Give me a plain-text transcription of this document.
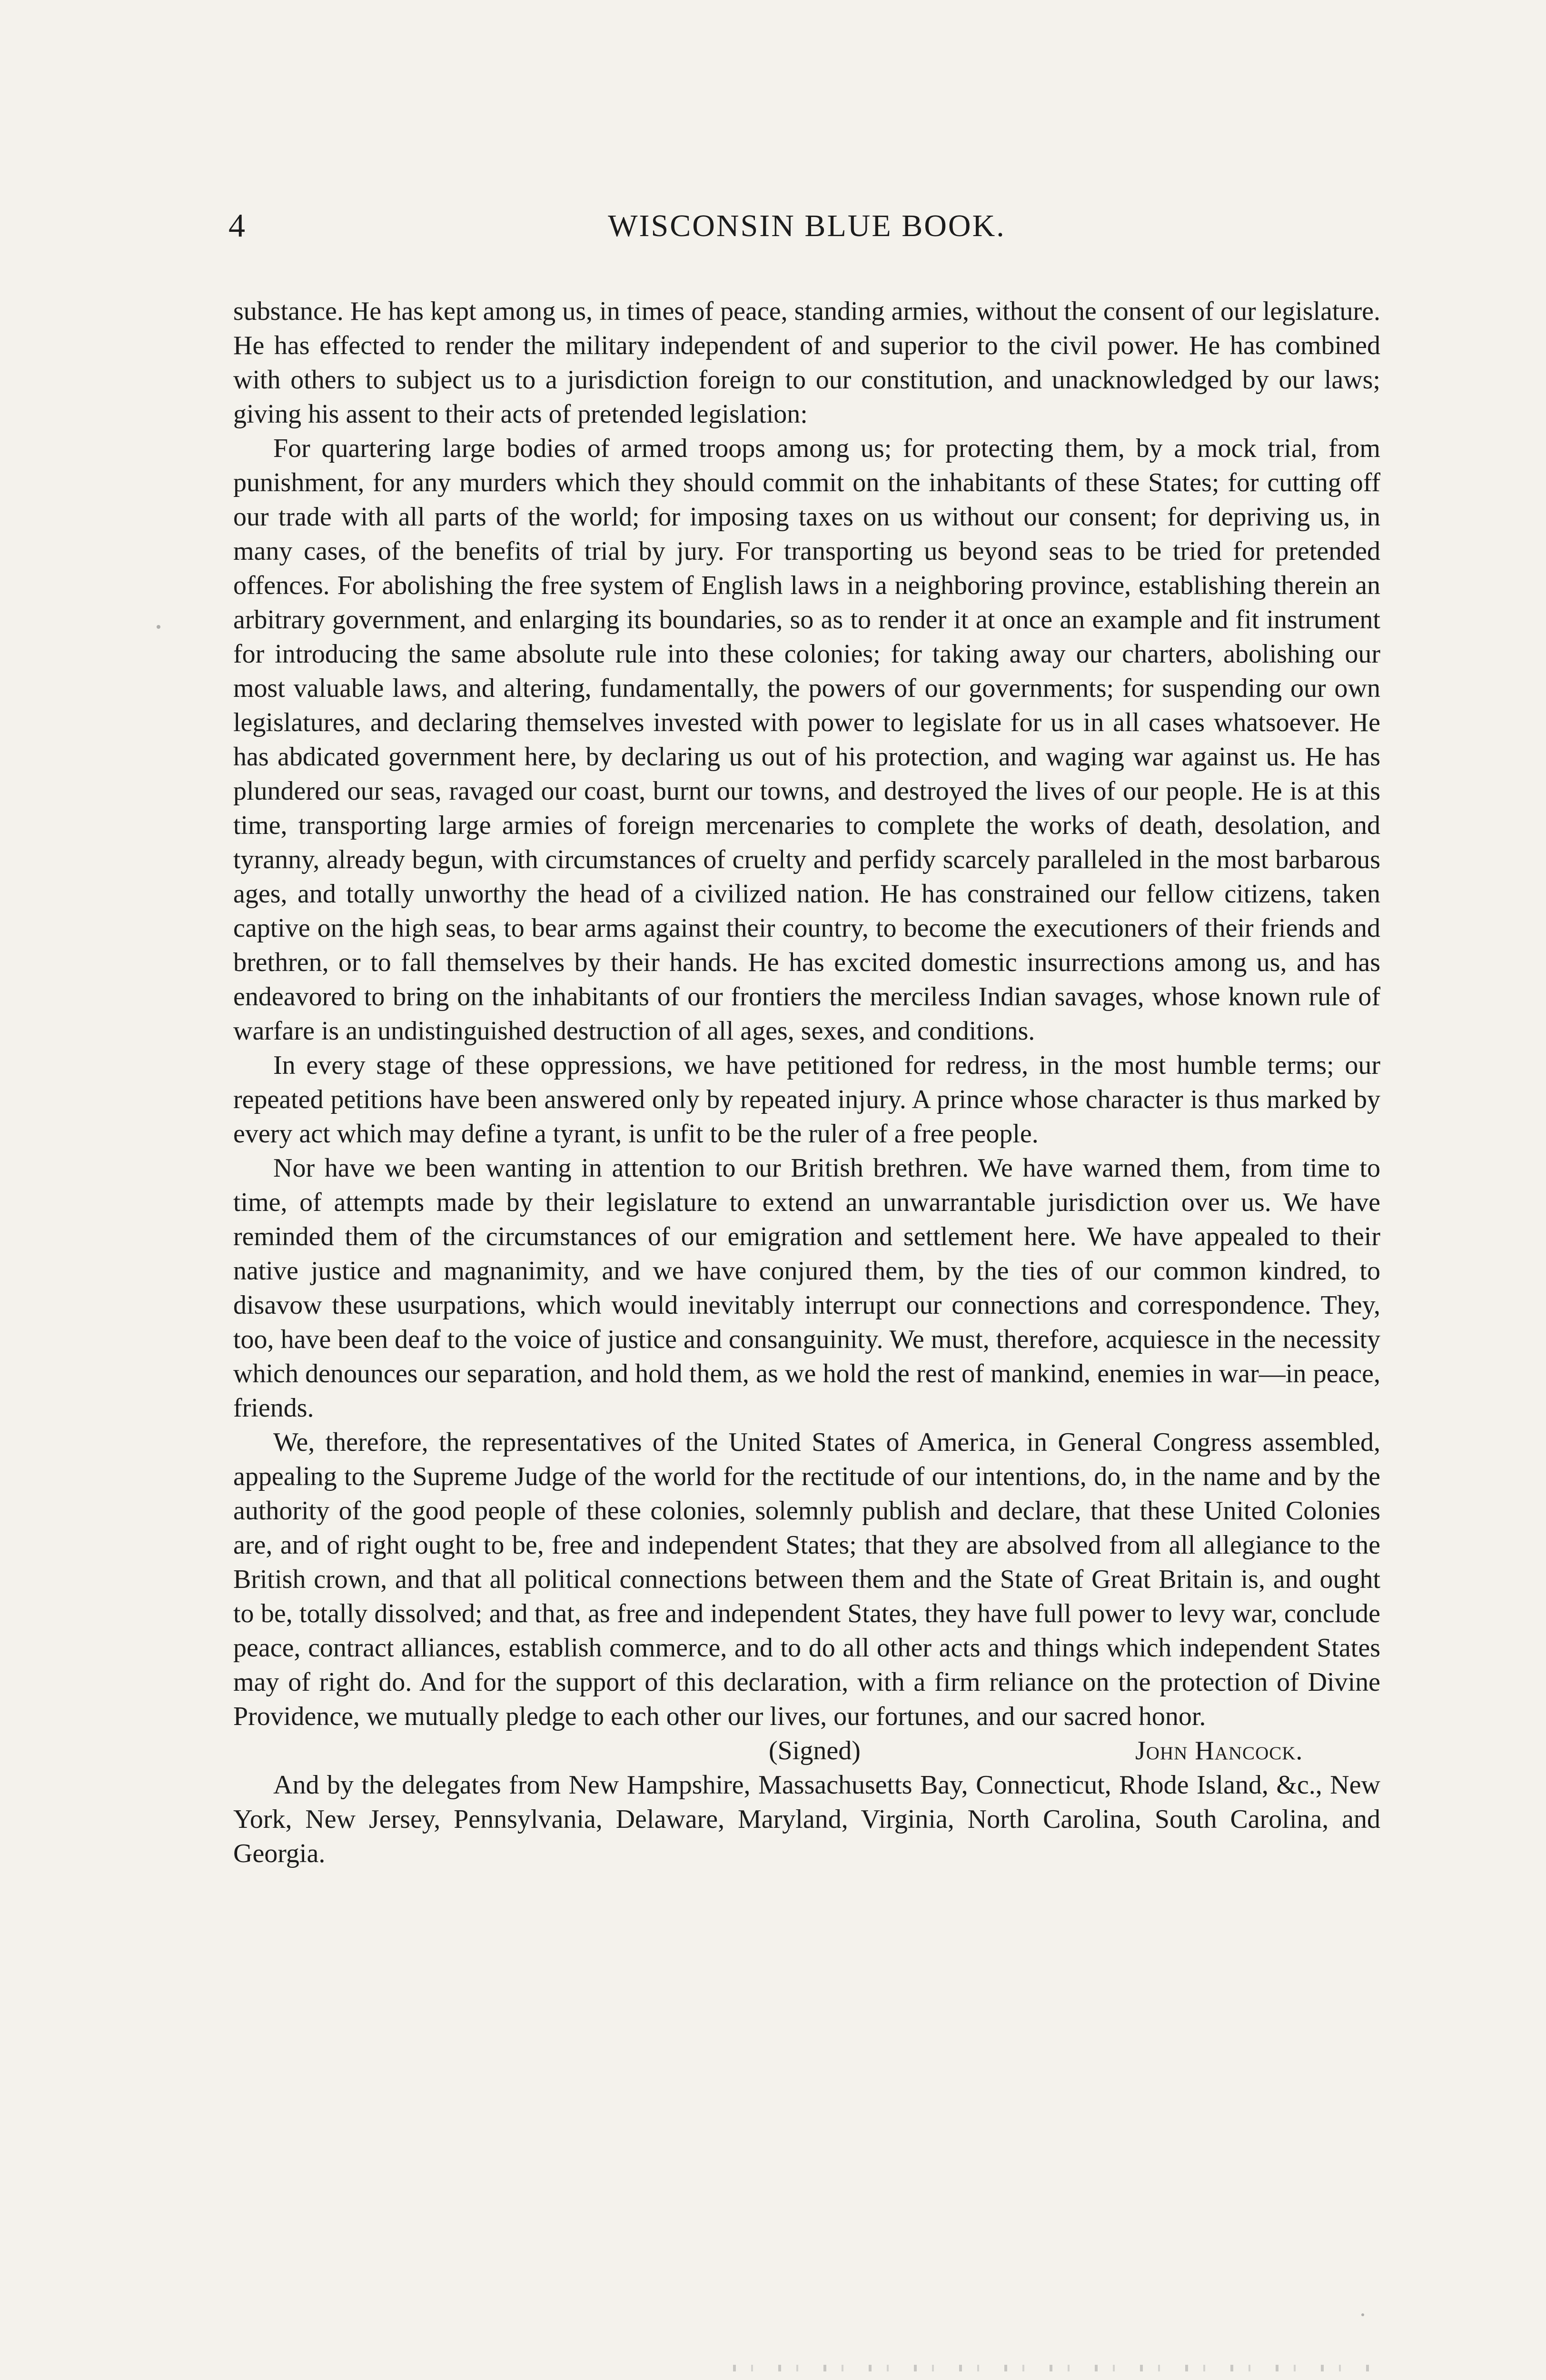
4	WISCONSIN BLUE BOOK.

substance. He has kept among us, in times of peace, standing armies, without the consent of our legislature. He has effected to render the military independent of and superior to the civil power. He has combined with others to subject us to a jurisdiction foreign to our constitution, and unacknowledged by our laws; giving his assent to their acts of pretended legislation:

For quartering large bodies of armed troops among us; for protecting them, by a mock trial, from punishment, for any murders which they should commit on the inhabitants of these States; for cutting off our trade with all parts of the world; for imposing taxes on us without our consent; for depriving us, in many cases, of the benefits of trial by jury. For transporting us beyond seas to be tried for pretended offences. For abolishing the free system of English laws in a neighboring province, establishing therein an arbitrary government, and enlarging its boundaries, so as to render it at once an example and fit instrument for introducing the same absolute rule into these colonies; for taking away our charters, abolishing our most valuable laws, and altering, fundamentally, the powers of our governments; for suspending our own legislatures, and declaring themselves invested with power to legislate for us in all cases whatsoever. He has abdicated government here, by declaring us out of his protection, and waging war against us. He has plundered our seas, ravaged our coast, burnt our towns, and destroyed the lives of our people. He is at this time, transporting large armies of foreign mercenaries to complete the works of death, desolation, and tyranny, already begun, with circumstances of cruelty and perfidy scarcely paralleled in the most barbarous ages, and totally unworthy the head of a civilized nation. He has constrained our fellow citizens, taken captive on the high seas, to bear arms against their country, to become the executioners of their friends and brethren, or to fall themselves by their hands. He has excited domestic insurrections among us, and has endeavored to bring on the inhabitants of our frontiers the merciless Indian savages, whose known rule of warfare is an undistinguished destruction of all ages, sexes, and conditions.

In every stage of these oppressions, we have petitioned for redress, in the most humble terms; our repeated petitions have been answered only by repeated injury. A prince whose character is thus marked by every act which may define a tyrant, is unfit to be the ruler of a free people.

Nor have we been wanting in attention to our British brethren. We have warned them, from time to time, of attempts made by their legislature to extend an unwarrantable jurisdiction over us. We have reminded them of the circumstances of our emigration and settlement here. We have appealed to their native justice and magnanimity, and we have conjured them, by the ties of our common kindred, to disavow these usurpations, which would inevitably interrupt our connections and correspondence. They, too, have been deaf to the voice of justice and consanguinity. We must, therefore, acquiesce in the necessity which denounces our separation, and hold them, as we hold the rest of mankind, enemies in war—in peace, friends.

We, therefore, the representatives of the United States of America, in General Congress assembled, appealing to the Supreme Judge of the world for the rectitude of our intentions, do, in the name and by the authority of the good people of these colonies, solemnly publish and declare, that these United Colonies are, and of right ought to be, free and independent States; that they are absolved from all allegiance to the British crown, and that all political connections between them and the State of Great Britain is, and ought to be, totally dissolved; and that, as free and independent States, they have full power to levy war, conclude peace, contract alliances, establish commerce, and to do all other acts and things which independent States may of right do. And for the support of this declaration, with a firm reliance on the protection of Divine Providence, we mutually pledge to each other our lives, our fortunes, and our sacred honor.

(Signed)	John Hancock.

And by the delegates from New Hampshire, Massachusetts Bay, Connecticut, Rhode Island, &c., New York, New Jersey, Pennsylvania, Delaware, Maryland, Virginia, North Carolina, South Carolina, and Georgia.
